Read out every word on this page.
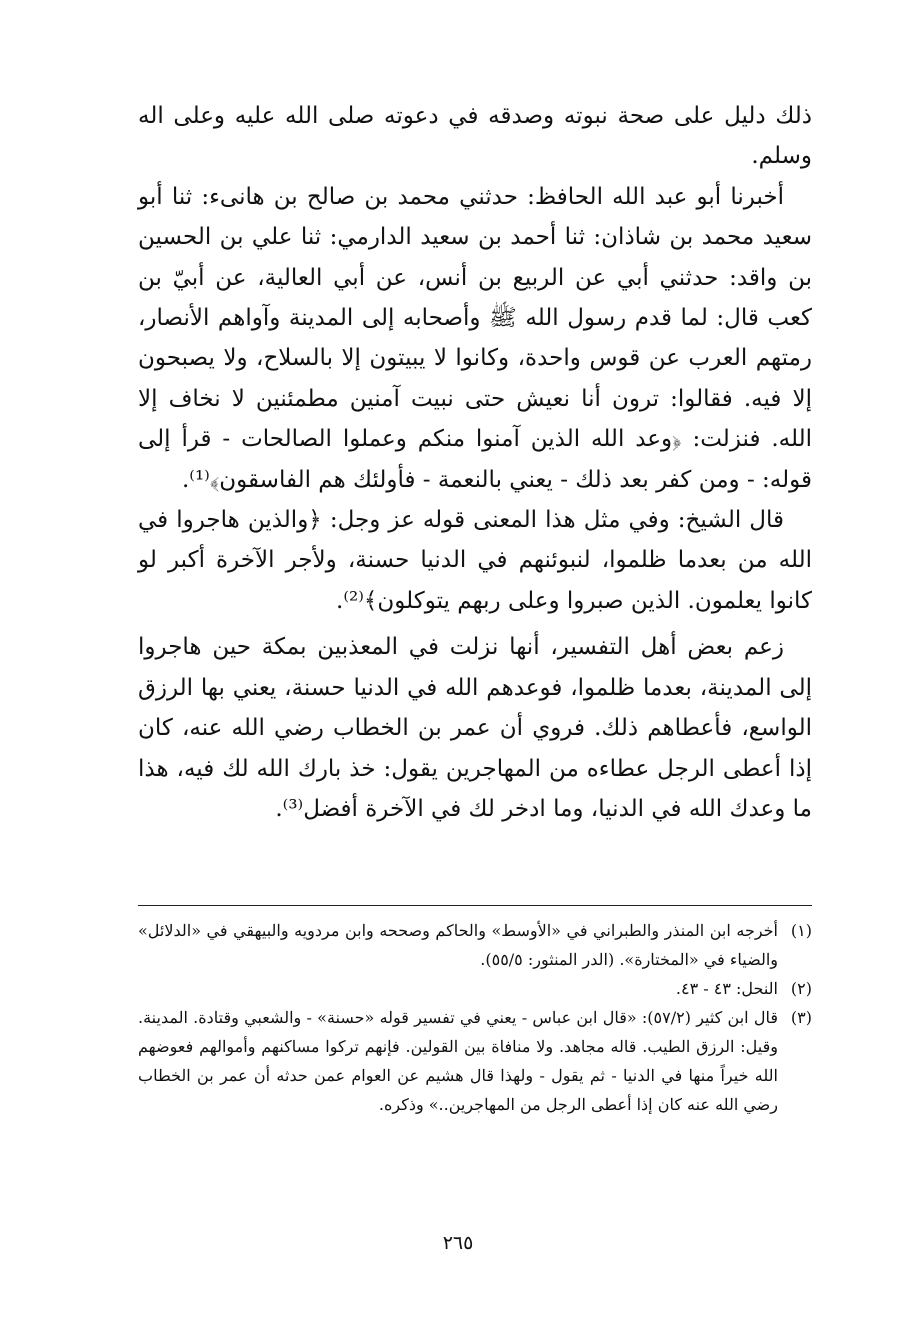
ذلك دليل على صحة نبوته وصدقه في دعوته صلى الله عليه وعلى اله وسلم.

أخبرنا أبو عبد الله الحافظ: حدثني محمد بن صالح بن هانىء: ثنا أبو سعيد محمد بن شاذان: ثنا أحمد بن سعيد الدارمي: ثنا علي بن الحسين بن واقد: حدثني أبي عن الربيع بن أنس، عن أبي العالية، عن أبيّ بن كعب قال: لما قدم رسول الله ﷺ وأصحابه إلى المدينة وآواهم الأنصار، رمتهم العرب عن قوس واحدة، وكانوا لا يبيتون إلا بالسلاح، ولا يصبحون إلا فيه. فقالوا: ترون أنا نعيش حتى نبيت آمنين مطمئنين لا نخاف إلا الله. فنزلت: ﴿وعد الله الذين آمنوا منكم وعملوا الصالحات - قرأ إلى قوله: - ومن كفر بعد ذلك - يعني بالنعمة - فأولئك هم الفاسقون﴾⁽¹⁾.

قال الشيخ: وفي مثل هذا المعنى قوله عز وجل: ﴿والذين هاجروا في الله من بعدما ظلموا، لنبوئنهم في الدنيا حسنة، ولأجر الآخرة أكبر لو كانوا يعلمون. الذين صبروا وعلى ربهم يتوكلون﴾⁽²⁾.

زعم بعض أهل التفسير، أنها نزلت في المعذبين بمكة حين هاجروا إلى المدينة، بعدما ظلموا، فوعدهم الله في الدنيا حسنة، يعني بها الرزق الواسع، فأعطاهم ذلك. فروي أن عمر بن الخطاب رضي الله عنه، كان إذا أعطى الرجل عطاءه من المهاجرين يقول: خذ بارك الله لك فيه، هذا ما وعدك الله في الدنيا، وما ادخر لك في الآخرة أفضل⁽³⁾.

(١)
أخرجه ابن المنذر والطبراني في «الأوسط» والحاكم وصححه وابن مردويه والبيهقي في «الدلائل» والضياء في «المختارة». (الدر المنثور: ٥٥/٥).
(٢)
النحل: ٤٣ - ٤٣.
(٣)
قال ابن كثير (٥٧/٢): «قال ابن عباس - يعني في تفسير قوله «حسنة» - والشعبي وقتادة. المدينة. وقيل: الرزق الطيب. قاله مجاهد. ولا منافاة بين القولين. فإنهم تركوا مساكنهم وأموالهم فعوضهم الله خيراً منها في الدنيا - ثم يقول - ولهذا قال هشيم عن العوام عمن حدثه أن عمر بن الخطاب رضي الله عنه كان إذا أعطى الرجل من المهاجرين..» وذكره.
٢٦٥
